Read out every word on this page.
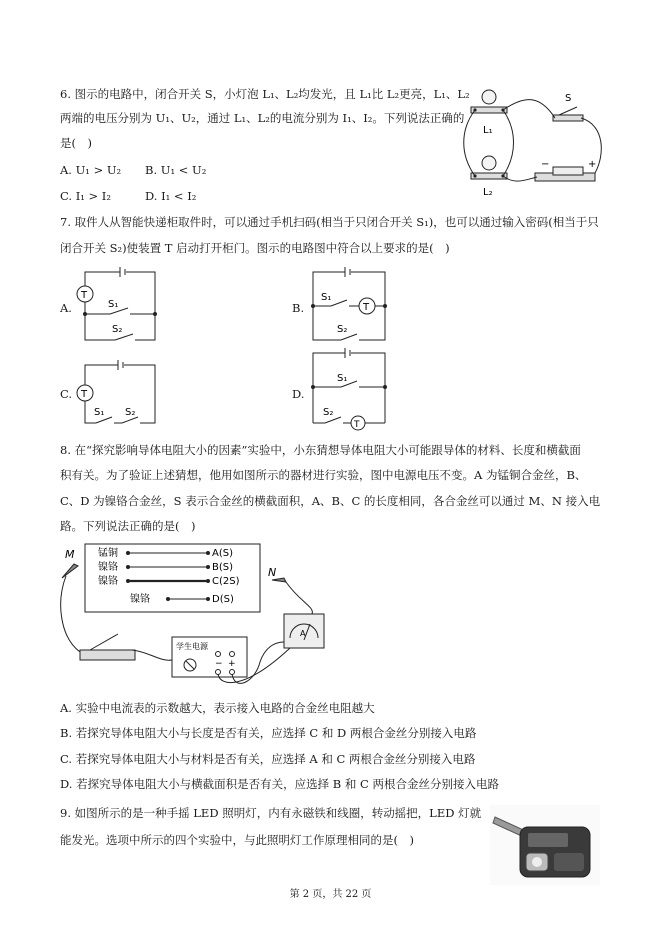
6. 图示的电路中，闭合开关 S，小灯泡 L₁、L₂均发光，且 L₁比 L₂更亮，L₁、L₂
两端的电压分别为 U₁、U₂，通过 L₁、L₂的电流分别为 I₁、I₂。下列说法正确的
是(　)
A. U₁ > U₂ B. U₁ < U₂
C. I₁ > I₂	D. I₁ < I₂
L₁
L₂
S
−	+
7. 取件人从智能快递柜取件时，可以通过手机扫码(相当于只闭合开关 S₁)，也可以通过输入密码(相当于只
闭合开关 S₂)使装置 T 启动打开柜门。图示的电路图中符合以上要求的是(　)
A.
T
S₁
S₂
B.
S₁
T
S₂
C. T
S₁ S₂
D.
S₁
S₂
T
8. 在“探究影响导体电阻大小的因素”实验中，小东猜想导体电阻大小可能跟导体的材料、长度和横截面
积有关。为了验证上述猜想，他用如图所示的器材进行实验，图中电源电压不变。A 为锰铜合金丝，B、
C、D 为镍铬合金丝，S 表示合金丝的横截面积，A、B、C 的长度相同，各合金丝可以通过 M、N 接入电
路。下列说法正确的是(　)
锰铜	A(S)
镍铬	B(S)
镍铬	C(2S)
镍铬	D(S)
M
N
学生电源
− +
A
A. 实验中电流表的示数越大，表示接入电路的合金丝电阻越大
B. 若探究导体电阻大小与长度是否有关，应选择 C 和 D 两根合金丝分别接入电路
C. 若探究导体电阻大小与材料是否有关，应选择 A 和 C 两根合金丝分别接入电路
D. 若探究导体电阻大小与横截面积是否有关，应选择 B 和 C 两根合金丝分别接入电路
9. 如图所示的是一种手摇 LED 照明灯，内有永磁铁和线圈，转动摇把，LED 灯就
能发光。选项中所示的四个实验中，与此照明灯工作原理相同的是(　)
第 2 页，共 22 页
